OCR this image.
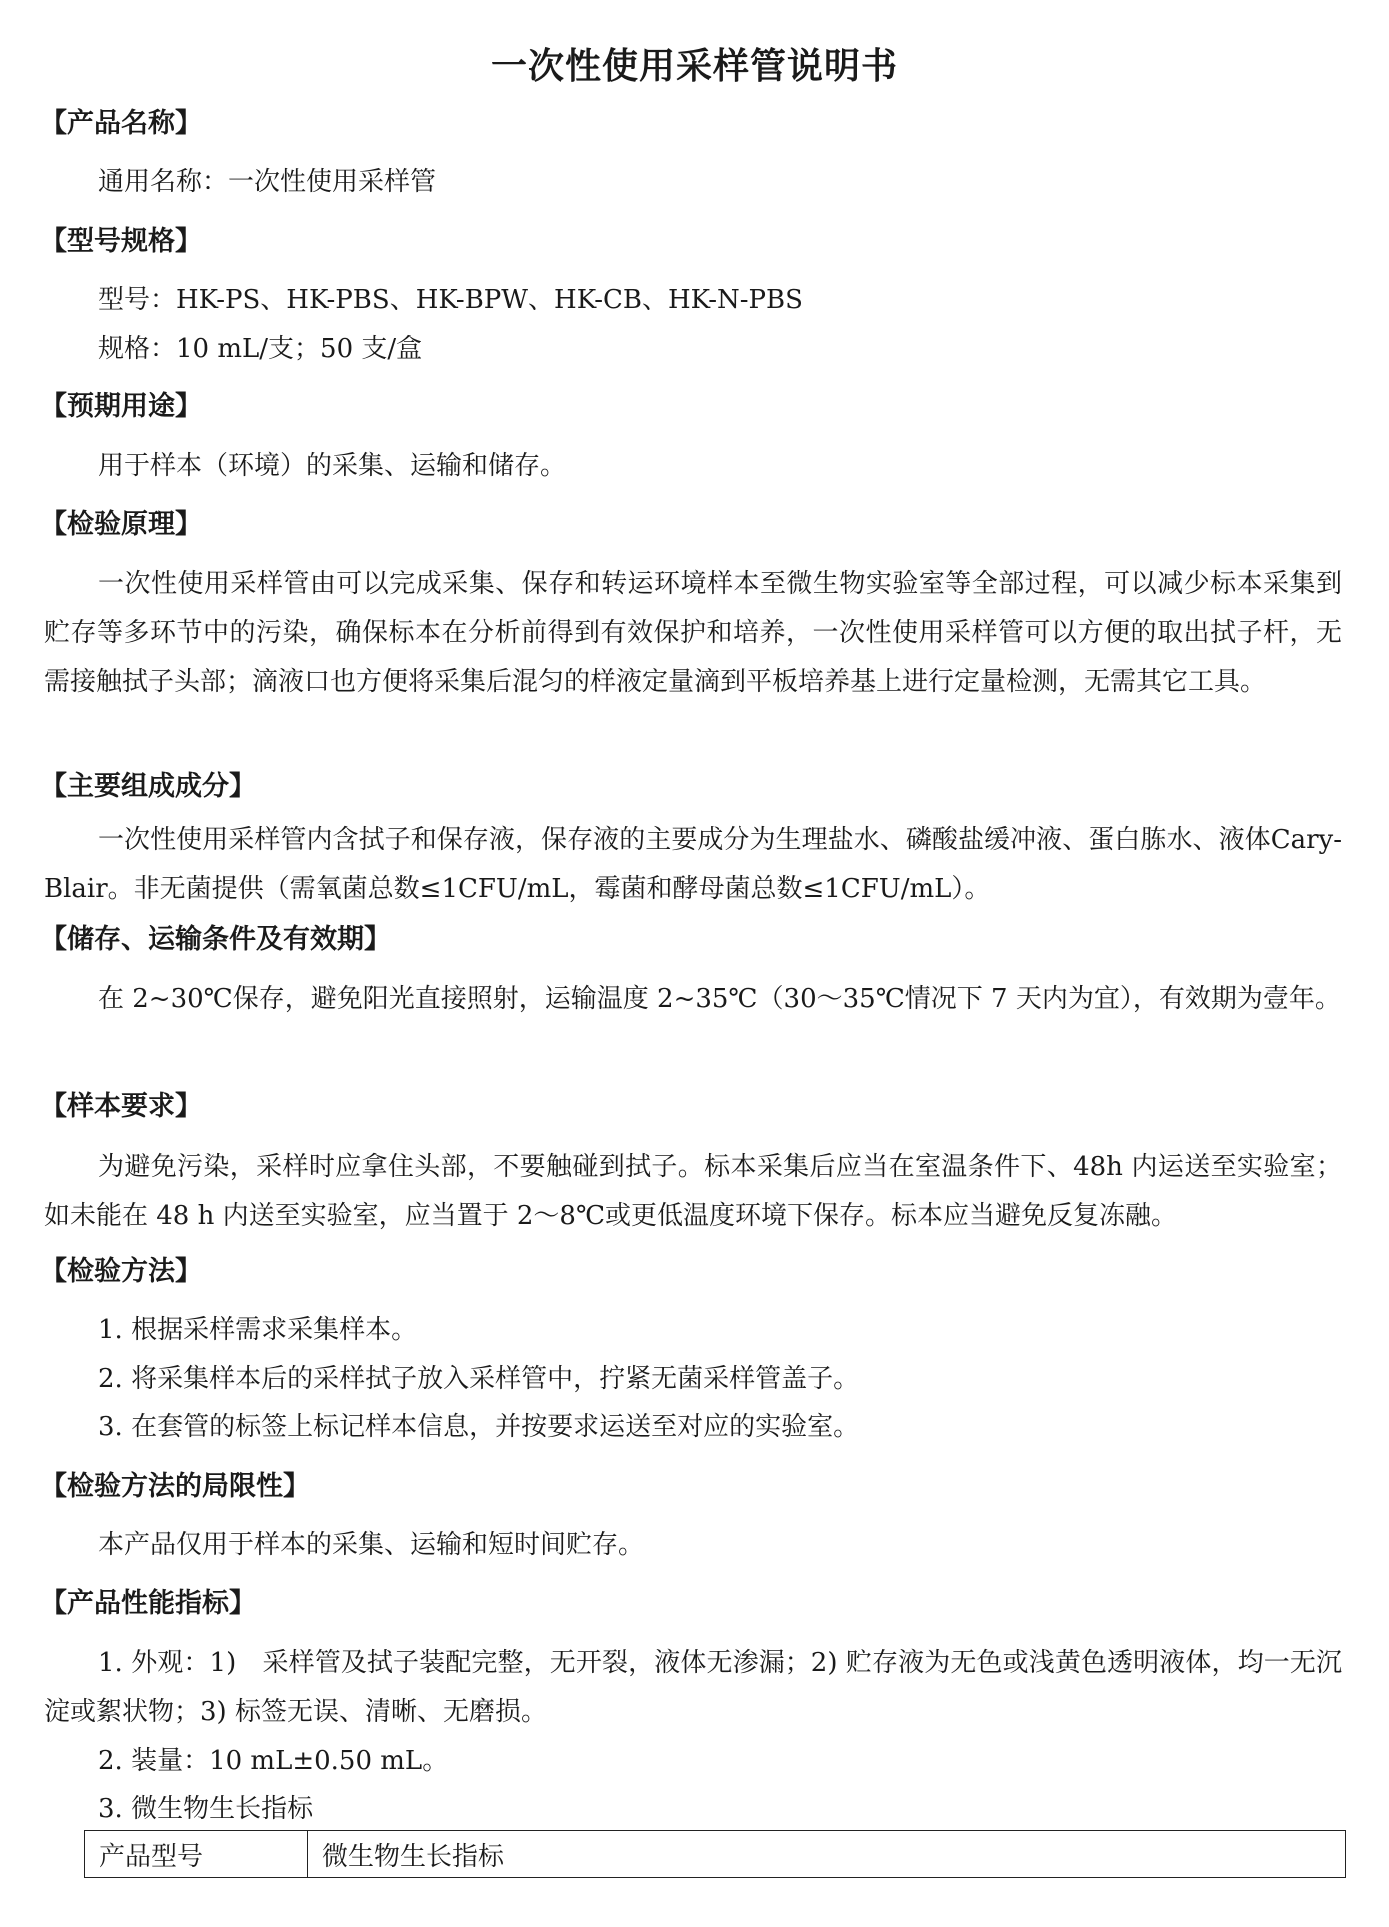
一次性使用采样管说明书
【产品名称】
通用名称：一次性使用采样管
【型号规格】
型号：HK-PS、HK-PBS、HK-BPW、HK-CB、HK-N-PBS
规格：10 mL/支；50 支/盒
【预期用途】
用于样本（环境）的采集、运输和储存。
【检验原理】
一次性使用采样管由可以完成采集、保存和转运环境样本至微生物实验室等全部过程，可以减少标本采集到贮存等多环节中的污染，确保标本在分析前得到有效保护和培养，一次性使用采样管可以方便的取出拭子杆，无需接触拭子头部；滴液口也方便将采集后混匀的样液定量滴到平板培养基上进行定量检测，无需其它工具。
【主要组成成分】
一次性使用采样管内含拭子和保存液，保存液的主要成分为生理盐水、磷酸盐缓冲液、蛋白胨水、液体Cary-Blair。非无菌提供（需氧菌总数≤1CFU/mL，霉菌和酵母菌总数≤1CFU/mL）。
【储存、运输条件及有效期】
在 2~30℃保存，避免阳光直接照射，运输温度 2~35℃（30～35℃情况下 7 天内为宜），有效期为壹年。
【样本要求】
为避免污染，采样时应拿住头部，不要触碰到拭子。标本采集后应当在室温条件下、48h 内运送至实验室；如未能在 48 h 内送至实验室，应当置于 2～8℃或更低温度环境下保存。标本应当避免反复冻融。
【检验方法】
1. 根据采样需求采集样本。
2. 将采集样本后的采样拭子放入采样管中，拧紧无菌采样管盖子。
3. 在套管的标签上标记样本信息，并按要求运送至对应的实验室。
【检验方法的局限性】
本产品仅用于样本的采集、运输和短时间贮存。
【产品性能指标】
1. 外观：1)　采样管及拭子装配完整，无开裂，液体无渗漏；2) 贮存液为无色或浅黄色透明液体，均一无沉淀或絮状物；3) 标签无误、清晰、无磨损。
2. 装量：10 mL±0.50 mL。
3. 微生物生长指标
产品型号	微生物生长指标
